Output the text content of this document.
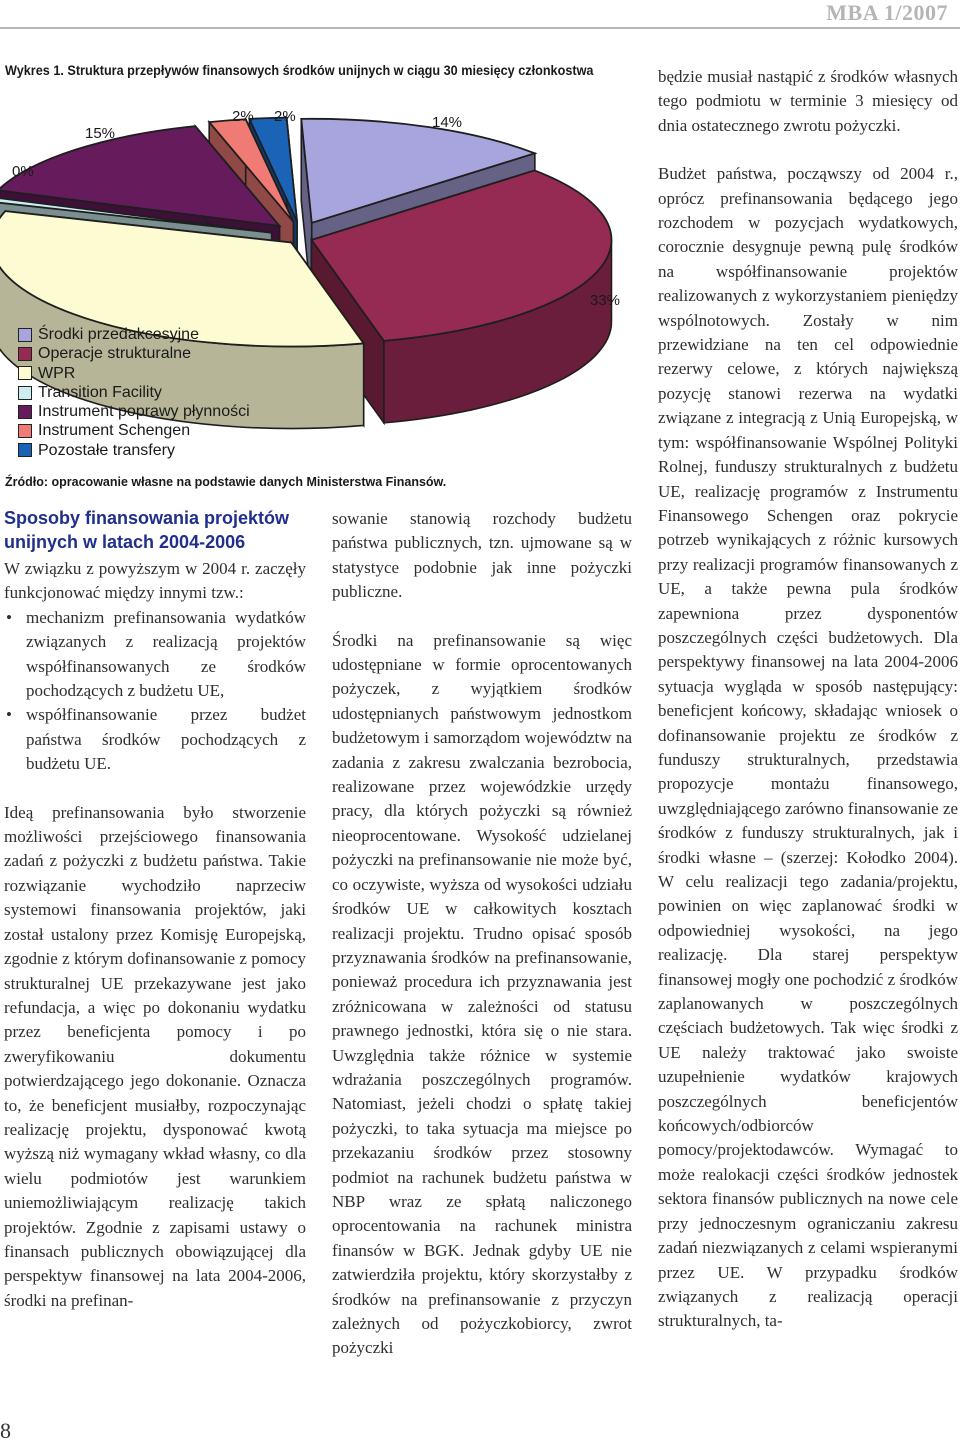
MBA 1/2007
Wykres 1. Struktura przepływów finansowych środków unijnych w ciągu 30 miesięcy członkostwa
14%
33%
0%
15%
2% 2%
Środki przedakcesyjne
Operacje strukturalne
WPR
Transition Facility
Instrument poprawy płynności
Instrument Schengen
Pozostałe transfery
Źródło: opracowanie własne na podstawie danych Ministerstwa Finansów.
Sposoby finansowania projektów unijnych w latach 2004-2006

W związku z powyższym w 2004 r. zaczęły funkcjonować między innymi tzw.:

• mechanizm prefinansowania wydatków związanych z realizacją projektów współfinansowanych ze środków pochodzących z budżetu UE,
• współfinansowanie przez budżet państwa środków pochodzących z budżetu UE.

Ideą prefinansowania było stworzenie możliwości przejściowego finansowania zadań z pożyczki z budżetu państwa. Takie rozwiązanie wychodziło naprzeciw systemowi finansowania projektów, jaki został ustalony przez Komisję Europejską, zgodnie z którym dofinansowanie z pomocy strukturalnej UE przekazywane jest jako refundacja, a więc po dokonaniu wydatku przez beneficjenta pomocy i po zweryfikowaniu dokumentu potwierdzającego jego dokonanie. Oznacza to, że beneficjent musiałby, rozpoczynając realizację projektu, dysponować kwotą wyższą niż wymagany wkład własny, co dla wielu podmiotów jest warunkiem uniemożliwiającym realizację takich projektów. Zgodnie z zapisami ustawy o finansach publicznych obowiązującej dla perspektyw finansowej na lata 2004-2006, środki na prefinan-

sowanie stanowią rozchody budżetu państwa publicznych, tzn. ujmowane są w statystyce podobnie jak inne pożyczki publiczne.

Środki na prefinansowanie są więc udostępniane w formie oprocentowanych pożyczek, z wyjątkiem środków udostępnianych państwowym jednostkom budżetowym i samorządom województw na zadania z zakresu zwalczania bezrobocia, realizowane przez wojewódzkie urzędy pracy, dla których pożyczki są również nieoprocentowane. Wysokość udzielanej pożyczki na prefinansowanie nie może być, co oczywiste, wyższa od wysokości udziału środków UE w całkowitych kosztach realizacji projektu. Trudno opisać sposób przyznawania środków na prefinansowanie, ponieważ procedura ich przyznawania jest zróżnicowana w zależności od statusu prawnego jednostki, która się o nie stara. Uwzględnia także różnice w systemie wdrażania poszczególnych programów. Natomiast, jeżeli chodzi o spłatę takiej pożyczki, to taka sytuacja ma miejsce po przekazaniu środków przez stosowny podmiot na rachunek budżetu państwa w NBP wraz ze spłatą naliczonego oprocentowania na rachunek ministra finansów w BGK. Jednak gdyby UE nie zatwierdziła projektu, który skorzystałby z środków na prefinansowanie z przyczyn zależnych od pożyczkobiorcy, zwrot pożyczki

będzie musiał nastąpić z środków własnych tego podmiotu w terminie 3 miesięcy od dnia ostatecznego zwrotu pożyczki.

Budżet państwa, począwszy od 2004 r., oprócz prefinansowania będącego jego rozchodem w pozycjach wydatkowych, corocznie desygnuje pewną pulę środków na współfinansowanie projektów realizowanych z wykorzystaniem pieniędzy wspólnotowych. Zostały w nim przewidziane na ten cel odpowiednie rezerwy celowe, z których największą pozycję stanowi rezerwa na wydatki związane z integracją z Unią Europejską, w tym: współfinansowanie Wspólnej Polityki Rolnej, funduszy strukturalnych z budżetu UE, realizację programów z Instrumentu Finansowego Schengen oraz pokrycie potrzeb wynikających z różnic kursowych przy realizacji programów finansowanych z UE, a także pewna pula środków zapewniona przez dysponentów poszczególnych części budżetowych. Dla perspektywy finansowej na lata 2004-2006 sytuacja wygląda w sposób następujący: beneficjent końcowy, składając wniosek o dofinansowanie projektu ze środków z funduszy strukturalnych, przedstawia propozycje montażu finansowego, uwzględniającego zarówno finansowanie ze środków z funduszy strukturalnych, jak i środki własne – (szerzej: Kołodko 2004). W celu realizacji tego zadania/projektu, powinien on więc zaplanować środki w odpowiedniej wysokości, na jego realizację. Dla starej perspektyw finansowej mogły one pochodzić z środków zaplanowanych w poszczególnych częściach budżetowych. Tak więc środki z UE należy traktować jako swoiste uzupełnienie wydatków krajowych poszczególnych beneficjentów końcowych/odbiorców pomocy/projektodawców. Wymagać to może realokacji części środków jednostek sektora finansów publicznych na nowe cele przy jednoczesnym ograniczaniu zakresu zadań niezwiązanych z celami wspieranymi przez UE. W przypadku środków związanych z realizacją operacji strukturalnych, ta-

8
